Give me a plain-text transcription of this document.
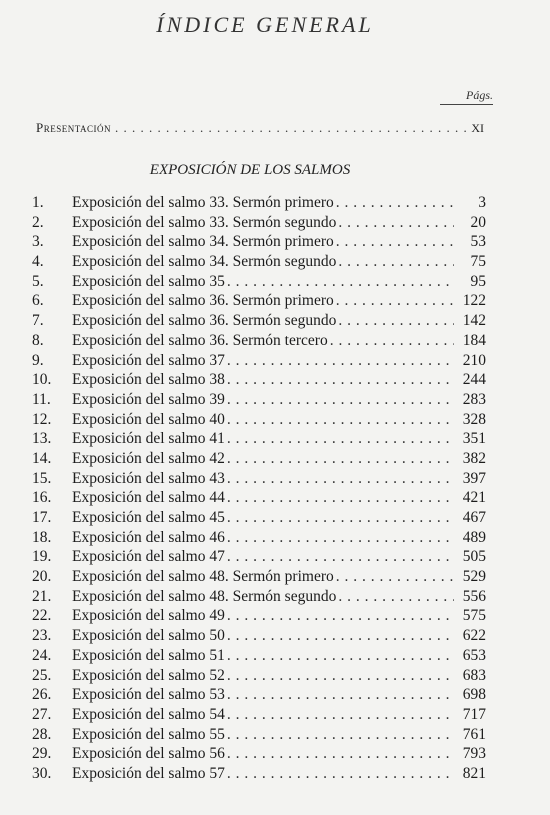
ÍNDICE GENERAL
Págs.
Presentación . . .	XI
EXPOSICIÓN DE LOS SALMOS
1.	Exposición del salmo 33. Sermón primero . . .	3
2.	Exposición del salmo 33. Sermón segundo . . .	20
3.	Exposición del salmo 34. Sermón primero . . .	53
4.	Exposición del salmo 34. Sermón segundo . . .	75
5.	Exposición del salmo 35 . . .	95
6.	Exposición del salmo 36. Sermón primero . . .	122
7.	Exposición del salmo 36. Sermón segundo . . .	142
8.	Exposición del salmo 36. Sermón tercero . . .	184
9.	Exposición del salmo 37 . . .	210
10.	Exposición del salmo 38 . . .	244
11.	Exposición del salmo 39 . . .	283
12.	Exposición del salmo 40 . . .	328
13.	Exposición del salmo 41 . . .	351
14.	Exposición del salmo 42 . . .	382
15.	Exposición del salmo 43 . . .	397
16.	Exposición del salmo 44 . . .	421
17.	Exposición del salmo 45 . . .	467
18.	Exposición del salmo 46 . . .	489
19.	Exposición del salmo 47 . . .	505
20.	Exposición del salmo 48. Sermón primero . . .	529
21.	Exposición del salmo 48. Sermón segundo . . .	556
22.	Exposición del salmo 49 . . .	575
23.	Exposición del salmo 50 . . .	622
24.	Exposición del salmo 51 . . .	653
25.	Exposición del salmo 52 . . .	683
26.	Exposición del salmo 53 . . .	698
27.	Exposición del salmo 54 . . .	717
28.	Exposición del salmo 55 . . .	761
29.	Exposición del salmo 56 . . .	793
30.	Exposición del salmo 57 . . .	821
